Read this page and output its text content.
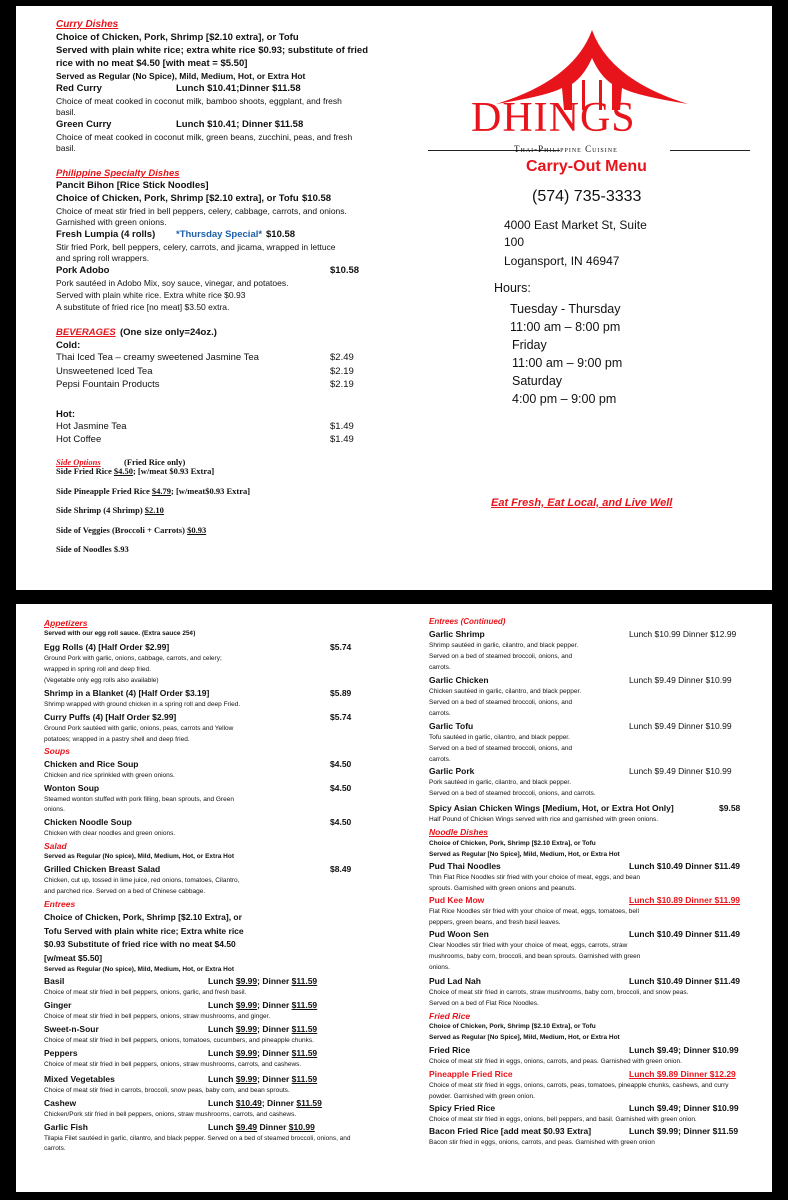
Curry Dishes
Choice of Chicken, Pork, Shrimp [$2.10 extra], or Tofu
Served with plain white rice; extra white rice $0.93; substitute of fried
rice with no meat $4.50 [with meat = $5.50]
Served as Regular (No Spice), Mild, Medium, Hot, or Extra Hot
Red Curry	Lunch $10.41;Dinner $11.58
Choice of meat cooked in coconut milk, bamboo shoots, eggplant, and fresh
basil.
Green Curry	Lunch $10.41; Dinner $11.58
Choice of meat cooked in coconut milk, green beans, zucchini, peas, and fresh
basil.
Philippine Specialty Dishes
Pancit Bihon [Rice Stick Noodles]
Choice of Chicken, Pork, Shrimp [$2.10 extra], or Tofu $10.58
Choice of meat stir fried in bell peppers, celery, cabbage, carrots, and onions.
Garnished with green onions.
Fresh Lumpia (4 rolls) *Thursday Special* $10.58
Stir fried Pork, bell peppers, celery, carrots, and jicama, wrapped in lettuce
and spring roll wrappers.
Pork Adobo	$10.58
Pork sautéed in Adobo Mix, soy sauce, vinegar, and potatoes.
Served with plain white rice. Extra white rice $0.93
A substitute of fried rice [no meat] $3.50 extra.
BEVERAGES (One size only=24oz.)
Cold:
Thai Iced Tea – creamy sweetened Jasmine Tea	$2.49
Unsweetened Iced Tea	$2.19
Pepsi Fountain Products	$2.19
Hot:
Hot Jasmine Tea	$1.49
Hot Coffee	$1.49
Side Options	(Fried Rice only)
Side Fried Rice $4.50; [w/meat $0.93 Extra]
Side Pineapple Fried Rice $4.79; [w/meat$0.93 Extra]
Side Shrimp (4 Shrimp) $2.10
Side of Veggies (Broccoli + Carrots) $0.93
Side of Noodles $.93
DHINGS
Thai-Philippine Cuisine
Carry-Out Menu
(574) 735-3333
4000 East Market St, Suite
100
Logansport, IN 46947
Hours:
Tuesday - Thursday
11:00 am – 8:00 pm
Friday
11:00 am – 9:00 pm
Saturday
4:00 pm – 9:00 pm
Eat Fresh, Eat Local, and Live Well
Appetizers
Served with our egg roll sauce. (Extra sauce 25¢)
Egg Rolls (4) [Half Order $2.99]	$5.74
Ground Pork with garlic, onions, cabbage, carrots, and celery;
wrapped in spring roll and deep fried.
(Vegetable only egg rolls also available)
Shrimp in a Blanket (4) [Half Order $3.19]	$5.89
Shrimp wrapped with ground chicken in a spring roll and deep Fried.
Curry Puffs (4) [Half Order $2.99]	$5.74
Ground Pork sautéed with garlic, onions, peas, carrots and Yellow
potatoes; wrapped in a pastry shell and deep fried.
Soups
Chicken and Rice Soup	$4.50
Chicken and rice sprinkled with green onions.
Wonton Soup	$4.50
Steamed wonton stuffed with pork filling, bean sprouts, and Green
onions.
Chicken Noodle Soup	$4.50
Chicken with clear noodles and green onions.
Salad
Served as Regular (No spice), Mild, Medium, Hot, or Extra Hot
Grilled Chicken Breast Salad	$8.49
Chicken, cut up, tossed in lime juice, red onions, tomatoes, Cilantro,
and parched rice. Served on a bed of Chinese cabbage.
Entrees
Choice of Chicken, Pork, Shrimp [$2.10 Extra], or
Tofu Served with plain white rice; Extra white rice
$0.93 Substitute of fried rice with no meat $4.50
[w/meat $5.50]
Served as Regular (No spice), Mild, Medium, Hot, or Extra Hot
Basil	Lunch $9.99; Dinner $11.59
Choice of meat stir fried in bell peppers, onions, garlic, and fresh basil.
Ginger	Lunch $9.99; Dinner $11.59
Choice of meat stir fried in bell peppers, onions, straw mushrooms, and ginger.
Sweet-n-Sour	Lunch $9.99; Dinner $11.59
Choice of meat stir fried in bell peppers, onions, tomatoes, cucumbers, and pineapple chunks.
Peppers	Lunch $9.99; Dinner $11.59
Choice of meat stir fried in bell peppers, onions, straw mushrooms, carrots, and cashews.
Mixed Vegetables	Lunch $9.99; Dinner $11.59
Choice of meat stir fried in carrots, broccoli, snow peas, baby corn, and bean sprouts.
Cashew	Lunch $10.49; Dinner $11.59
Chicken/Pork stir fried in bell peppers, onions, straw mushrooms, carrots, and cashews.
Garlic Fish	Lunch $9.49 Dinner $10.99
Tilapia Filet sautéed in garlic, cilantro, and black pepper. Served on a bed of steamed broccoli, onions, and
carrots.
Entrees (Continued)
Garlic Shrimp	Lunch $10.99 Dinner $12.99
Shrimp sautéed in garlic, cilantro, and black pepper.
Served on a bed of steamed broccoli, onions, and
carrots.
Garlic Chicken	Lunch $9.49 Dinner $10.99
Chicken sautéed in garlic, cilantro, and black pepper.
Served on a bed of steamed broccoli, onions, and
carrots.
Garlic Tofu	Lunch $9.49 Dinner $10.99
Tofu sautéed in garlic, cilantro, and black pepper.
Served on a bed of steamed broccoli, onions, and
carrots.
Garlic Pork	Lunch $9.49 Dinner $10.99
Pork sautéed in garlic, cilantro, and black pepper.
Served on a bed of steamed broccoli, onions, and carrots.
Spicy Asian Chicken Wings [Medium, Hot, or Extra Hot Only]	$9.58
Half Pound of Chicken Wings served with rice and garnished with green onions.
Noodle Dishes
Choice of Chicken, Pork, Shrimp [$2.10 Extra], or Tofu
Served as Regular [No Spice], Mild, Medium, Hot, or Extra Hot
Pud Thai Noodles	Lunch $10.49 Dinner $11.49
Thin Flat Rice Noodles stir fried with your choice of meat, eggs, and bean
sprouts. Garnished with green onions and peanuts.
Pud Kee Mow	Lunch $10.89 Dinner $11.99
Flat Rice Noodles stir fried with your choice of meat, eggs, tomatoes, bell
peppers, green beans, and fresh basil leaves.
Pud Woon Sen	Lunch $10.49 Dinner $11.49
Clear Noodles stir fried with your choice of meat, eggs, carrots, straw
mushrooms, baby corn, broccoli, and bean sprouts. Garnished with green
onions.
Pud Lad Nah	Lunch $10.49 Dinner $11.49
Choice of meat stir fried in carrots, straw mushrooms, baby corn, broccoli, and snow peas.
Served on a bed of Flat Rice Noodles.
Fried Rice
Choice of Chicken, Pork, Shrimp [$2.10 Extra], or Tofu
Served as Regular [No Spice], Mild, Medium, Hot, or Extra Hot
Fried Rice	Lunch $9.49; Dinner $10.99
Choice of meat stir fried in eggs, onions, carrots, and peas. Garnished with green onion.
Pineapple Fried Rice	Lunch $9.89 Dinner $12.29
Choice of meat stir fried in eggs, onions, carrots, peas, tomatoes, pineapple chunks, cashews, and curry
powder. Garnished with green onion.
Spicy Fried Rice	Lunch $9.49; Dinner $10.99
Choice of meat stir fried in eggs, onions, bell peppers, and basil. Garnished with green onion.
Bacon Fried Rice [add meat $0.93 Extra]	Lunch $9.99; Dinner $11.59
Bacon stir fried in eggs, onions, carrots, and peas. Garnished with green onion
